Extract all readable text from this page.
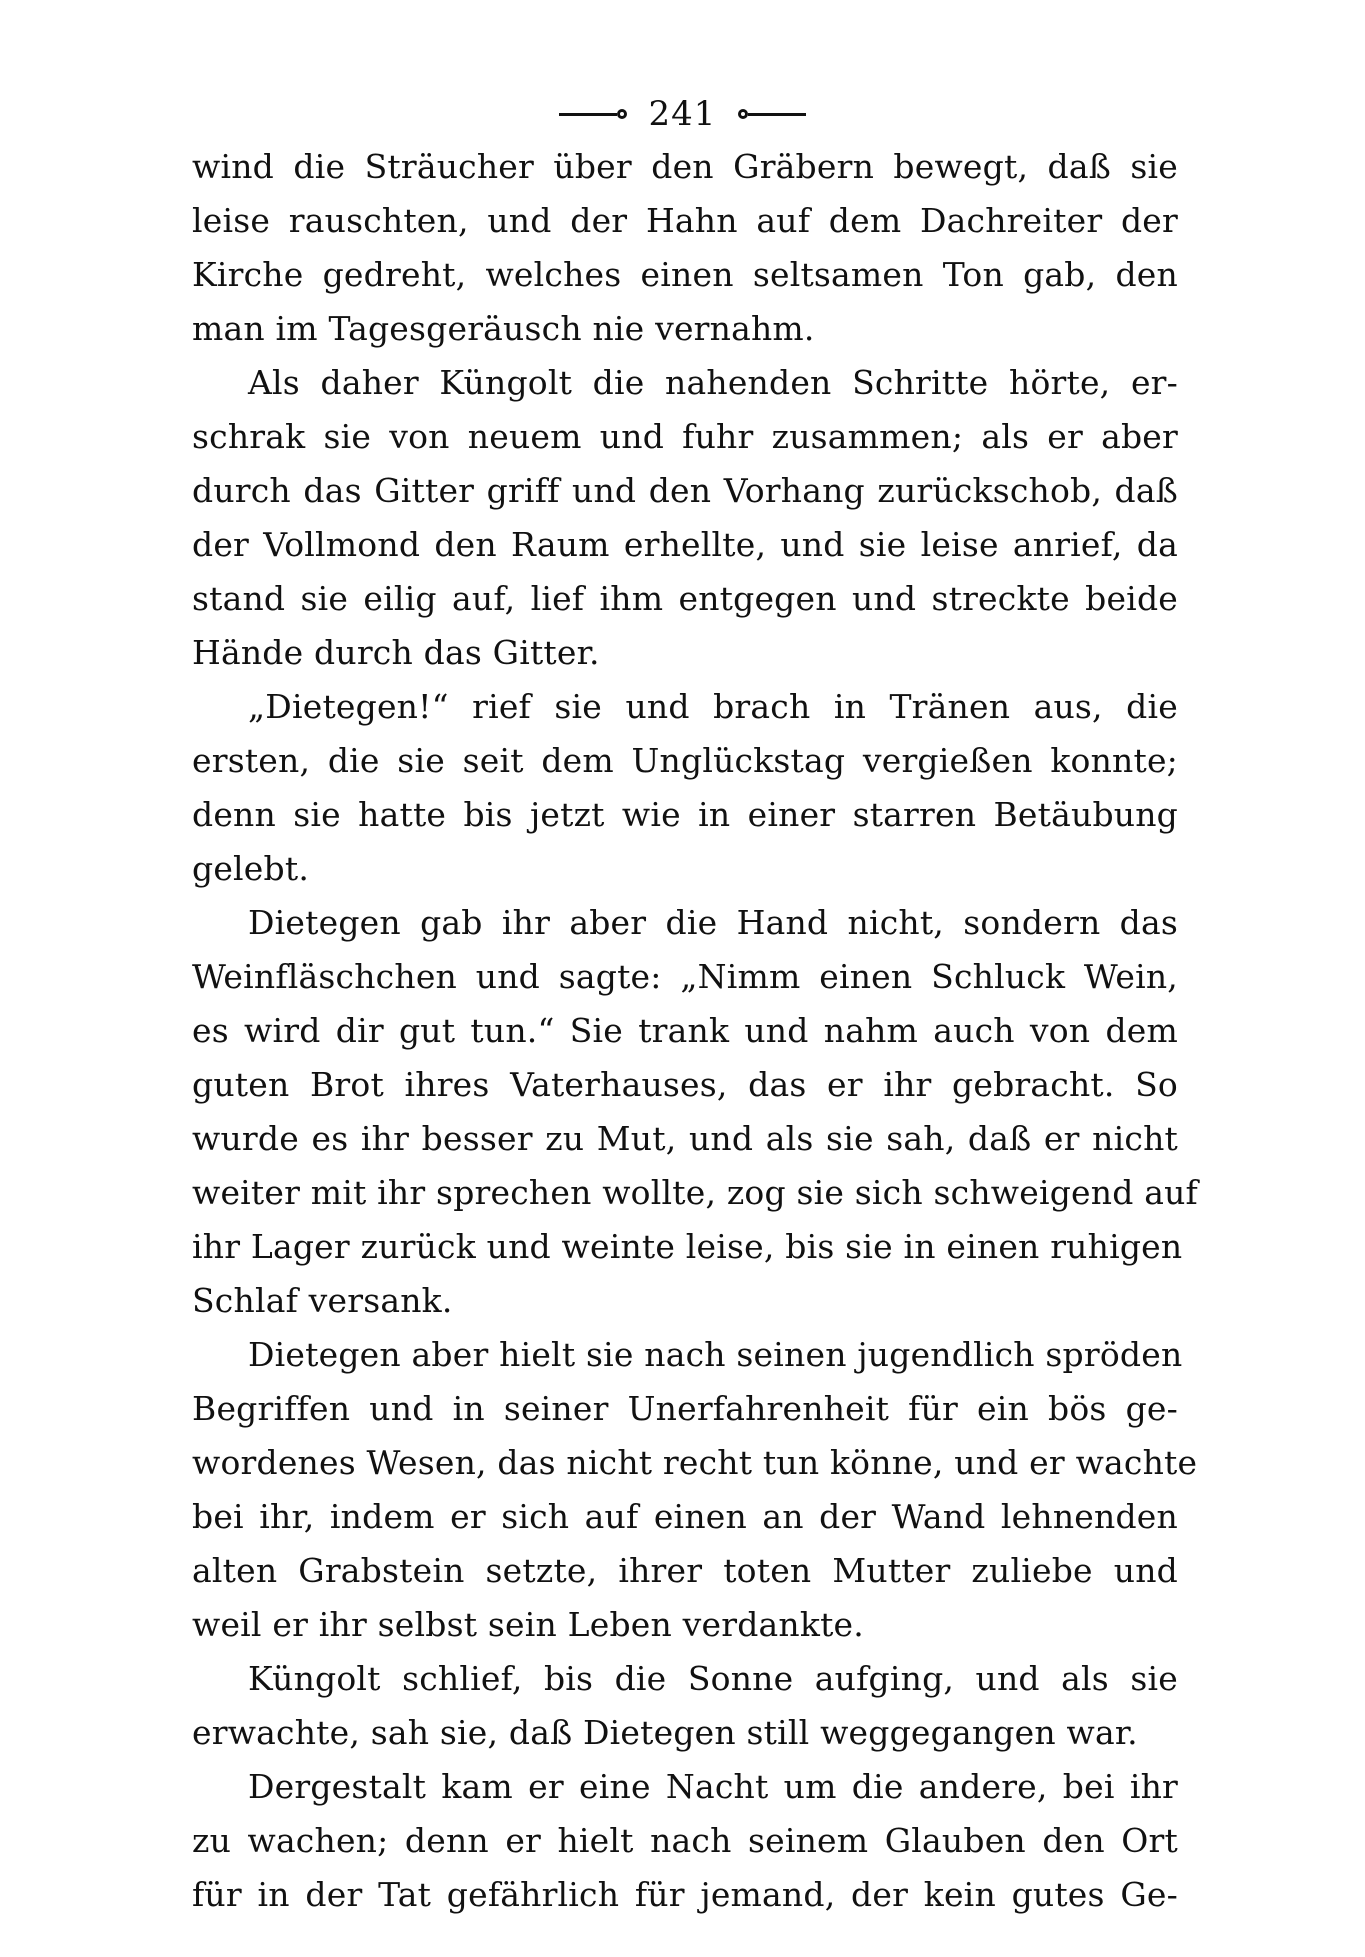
241
wind die Sträucher über den Gräbern bewegt, daß sie
leise rauschten, und der Hahn auf dem Dachreiter der
Kirche gedreht, welches einen seltsamen Ton gab, den
man im Tagesgeräusch nie vernahm.
Als daher Küngolt die nahenden Schritte hörte, er-
schrak sie von neuem und fuhr zusammen; als er aber
durch das Gitter griff und den Vorhang zurückschob, daß
der Vollmond den Raum erhellte, und sie leise anrief, da
stand sie eilig auf, lief ihm entgegen und streckte beide
Hände durch das Gitter.
„Dietegen!“ rief sie und brach in Tränen aus, die
ersten, die sie seit dem Unglückstag vergießen konnte;
denn sie hatte bis jetzt wie in einer starren Betäubung
gelebt.
Dietegen gab ihr aber die Hand nicht, sondern das
Weinfläschchen und sagte: „Nimm einen Schluck Wein,
es wird dir gut tun.“ Sie trank und nahm auch von dem
guten Brot ihres Vaterhauses, das er ihr gebracht. So
wurde es ihr besser zu Mut, und als sie sah, daß er nicht
weiter mit ihr sprechen wollte, zog sie sich schweigend auf
ihr Lager zurück und weinte leise, bis sie in einen ruhigen
Schlaf versank.
Dietegen aber hielt sie nach seinen jugendlich spröden
Begriffen und in seiner Unerfahrenheit für ein bös ge-
wordenes Wesen, das nicht recht tun könne, und er wachte
bei ihr, indem er sich auf einen an der Wand lehnenden
alten Grabstein setzte, ihrer toten Mutter zuliebe und
weil er ihr selbst sein Leben verdankte.
Küngolt schlief, bis die Sonne aufging, und als sie
erwachte, sah sie, daß Dietegen still weggegangen war.
Dergestalt kam er eine Nacht um die andere, bei ihr
zu wachen; denn er hielt nach seinem Glauben den Ort
für in der Tat gefährlich für jemand, der kein gutes Ge-
